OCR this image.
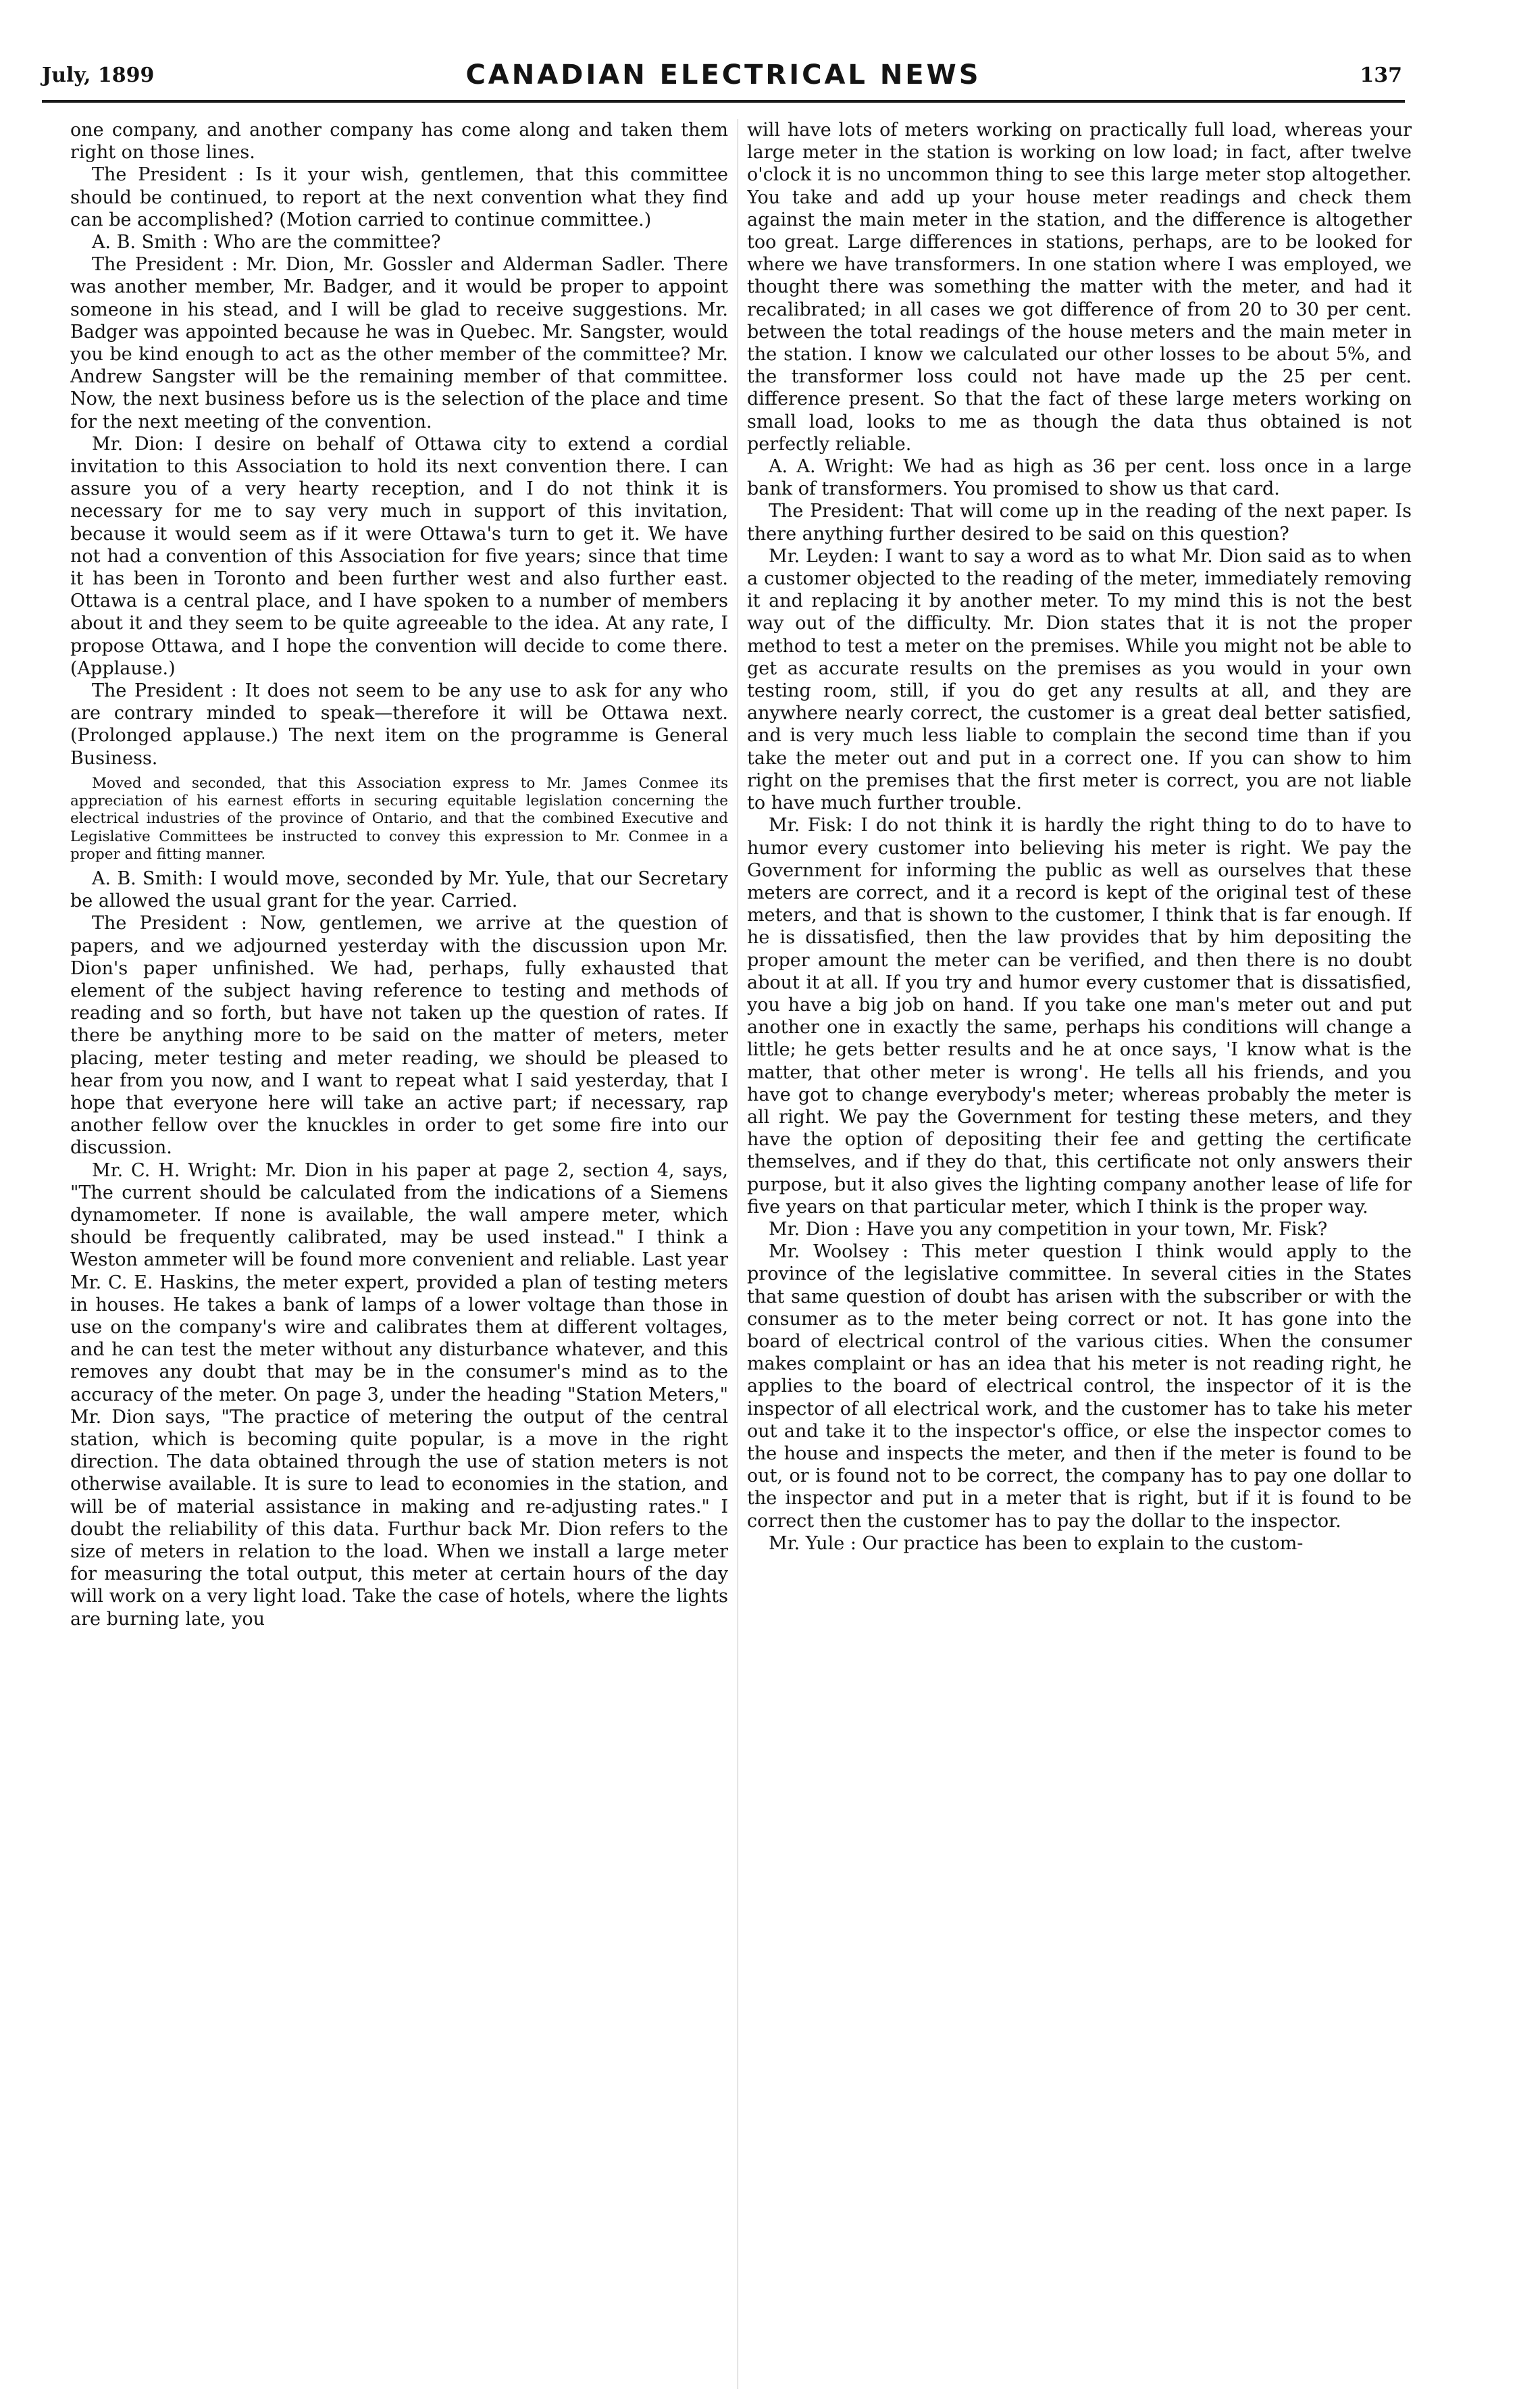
July, 1899	CANADIAN ELECTRICAL NEWS	137

one company, and another company has come along and taken them right on those lines.

The President : Is it your wish, gentlemen, that this committee should be continued, to report at the next convention what they find can be accomplished? (Motion carried to continue committee.)

A. B. Smith : Who are the committee?

The President : Mr. Dion, Mr. Gossler and Alderman Sadler. There was another member, Mr. Badger, and it would be proper to appoint someone in his stead, and I will be glad to receive suggestions. Mr. Badger was appointed because he was in Quebec. Mr. Sangster, would you be kind enough to act as the other member of the committee? Mr. Andrew Sangster will be the remaining member of that committee. Now, the next business before us is the selection of the place and time for the next meeting of the convention.

Mr. Dion: I desire on behalf of Ottawa city to extend a cordial invitation to this Association to hold its next convention there. I can assure you of a very hearty reception, and I do not think it is necessary for me to say very much in support of this invitation, because it would seem as if it were Ottawa's turn to get it. We have not had a convention of this Association for five years; since that time it has been in Toronto and been further west and also further east. Ottawa is a central place, and I have spoken to a number of members about it and they seem to be quite agreeable to the idea. At any rate, I propose Ottawa, and I hope the convention will decide to come there. (Applause.)

The President : It does not seem to be any use to ask for any who are contrary minded to speak—therefore it will be Ottawa next. (Prolonged applause.) The next item on the programme is General Business.

Moved and seconded, that this Association express to Mr. James Conmee its appreciation of his earnest efforts in securing equitable legislation concerning the electrical industries of the province of Ontario, and that the combined Executive and Legislative Committees be instructed to convey this expression to Mr. Conmee in a proper and fitting manner.

A. B. Smith: I would move, seconded by Mr. Yule, that our Secretary be allowed the usual grant for the year. Carried.

The President : Now, gentlemen, we arrive at the question of papers, and we adjourned yesterday with the discussion upon Mr. Dion's paper unfinished. We had, perhaps, fully exhausted that element of the subject having reference to testing and methods of reading and so forth, but have not taken up the question of rates. If there be anything more to be said on the matter of meters, meter placing, meter testing and meter reading, we should be pleased to hear from you now, and I want to repeat what I said yesterday, that I hope that everyone here will take an active part; if necessary, rap another fellow over the knuckles in order to get some fire into our discussion.

Mr. C. H. Wright: Mr. Dion in his paper at page 2, section 4, says, "The current should be calculated from the indications of a Siemens dynamometer. If none is available, the wall ampere meter, which should be frequently calibrated, may be used instead." I think a Weston ammeter will be found more convenient and reliable. Last year Mr. C. E. Haskins, the meter expert, provided a plan of testing meters in houses. He takes a bank of lamps of a lower voltage than those in use on the company's wire and calibrates them at different voltages, and he can test the meter without any disturbance whatever, and this removes any doubt that may be in the consumer's mind as to the accuracy of the meter. On page 3, under the heading "Station Meters," Mr. Dion says, "The practice of metering the output of the central station, which is becoming quite popular, is a move in the right direction. The data obtained through the use of station meters is not otherwise available. It is sure to lead to economies in the station, and will be of material assistance in making and re-adjusting rates." I doubt the reliability of this data. Furthur back Mr. Dion refers to the size of meters in relation to the load. When we install a large meter for measuring the total output, this meter at certain hours of the day will work on a very light load. Take the case of hotels, where the lights are burning late, you

will have lots of meters working on practically full load, whereas your large meter in the station is working on low load; in fact, after twelve o'clock it is no uncommon thing to see this large meter stop altogether. You take and add up your house meter readings and check them against the main meter in the station, and the difference is altogether too great. Large differences in stations, perhaps, are to be looked for where we have transformers. In one station where I was employed, we thought there was something the matter with the meter, and had it recalibrated; in all cases we got difference of from 20 to 30 per cent. between the total readings of the house meters and the main meter in the station. I know we calculated our other losses to be about 5%, and the transformer loss could not have made up the 25 per cent. difference present. So that the fact of these large meters working on small load, looks to me as though the data thus obtained is not perfectly reliable.

A. A. Wright: We had as high as 36 per cent. loss once in a large bank of transformers. You promised to show us that card.

The President: That will come up in the reading of the next paper. Is there anything further desired to be said on this question?

Mr. Leyden: I want to say a word as to what Mr. Dion said as to when a customer objected to the reading of the meter, immediately removing it and replacing it by another meter. To my mind this is not the best way out of the difficulty. Mr. Dion states that it is not the proper method to test a meter on the premises. While you might not be able to get as accurate results on the premises as you would in your own testing room, still, if you do get any results at all, and they are anywhere nearly correct, the customer is a great deal better satisfied, and is very much less liable to complain the second time than if you take the meter out and put in a correct one. If you can show to him right on the premises that the first meter is correct, you are not liable to have much further trouble.

Mr. Fisk: I do not think it is hardly the right thing to do to have to humor every customer into believing his meter is right. We pay the Government for informing the public as well as ourselves that these meters are correct, and it a record is kept of the original test of these meters, and that is shown to the customer, I think that is far enough. If he is dissatisfied, then the law provides that by him depositing the proper amount the meter can be verified, and then there is no doubt about it at all. If you try and humor every customer that is dissatisfied, you have a big job on hand. If you take one man's meter out and put another one in exactly the same, perhaps his conditions will change a little; he gets better results and he at once says, 'I know what is the matter, that other meter is wrong'. He tells all his friends, and you have got to change everybody's meter; whereas probably the meter is all right. We pay the Government for testing these meters, and they have the option of depositing their fee and getting the certificate themselves, and if they do that, this certificate not only answers their purpose, but it also gives the lighting company another lease of life for five years on that particular meter, which I think is the proper way.

Mr. Dion : Have you any competition in your town, Mr. Fisk?

Mr. Woolsey : This meter question I think would apply to the province of the legislative committee. In several cities in the States that same question of doubt has arisen with the subscriber or with the consumer as to the meter being correct or not. It has gone into the board of electrical control of the various cities. When the consumer makes complaint or has an idea that his meter is not reading right, he applies to the board of electrical control, the inspector of it is the inspector of all electrical work, and the customer has to take his meter out and take it to the inspector's office, or else the inspector comes to the house and inspects the meter, and then if the meter is found to be out, or is found not to be correct, the company has to pay one dollar to the inspector and put in a meter that is right, but if it is found to be correct then the customer has to pay the dollar to the inspector.

Mr. Yule : Our practice has been to explain to the custom-
